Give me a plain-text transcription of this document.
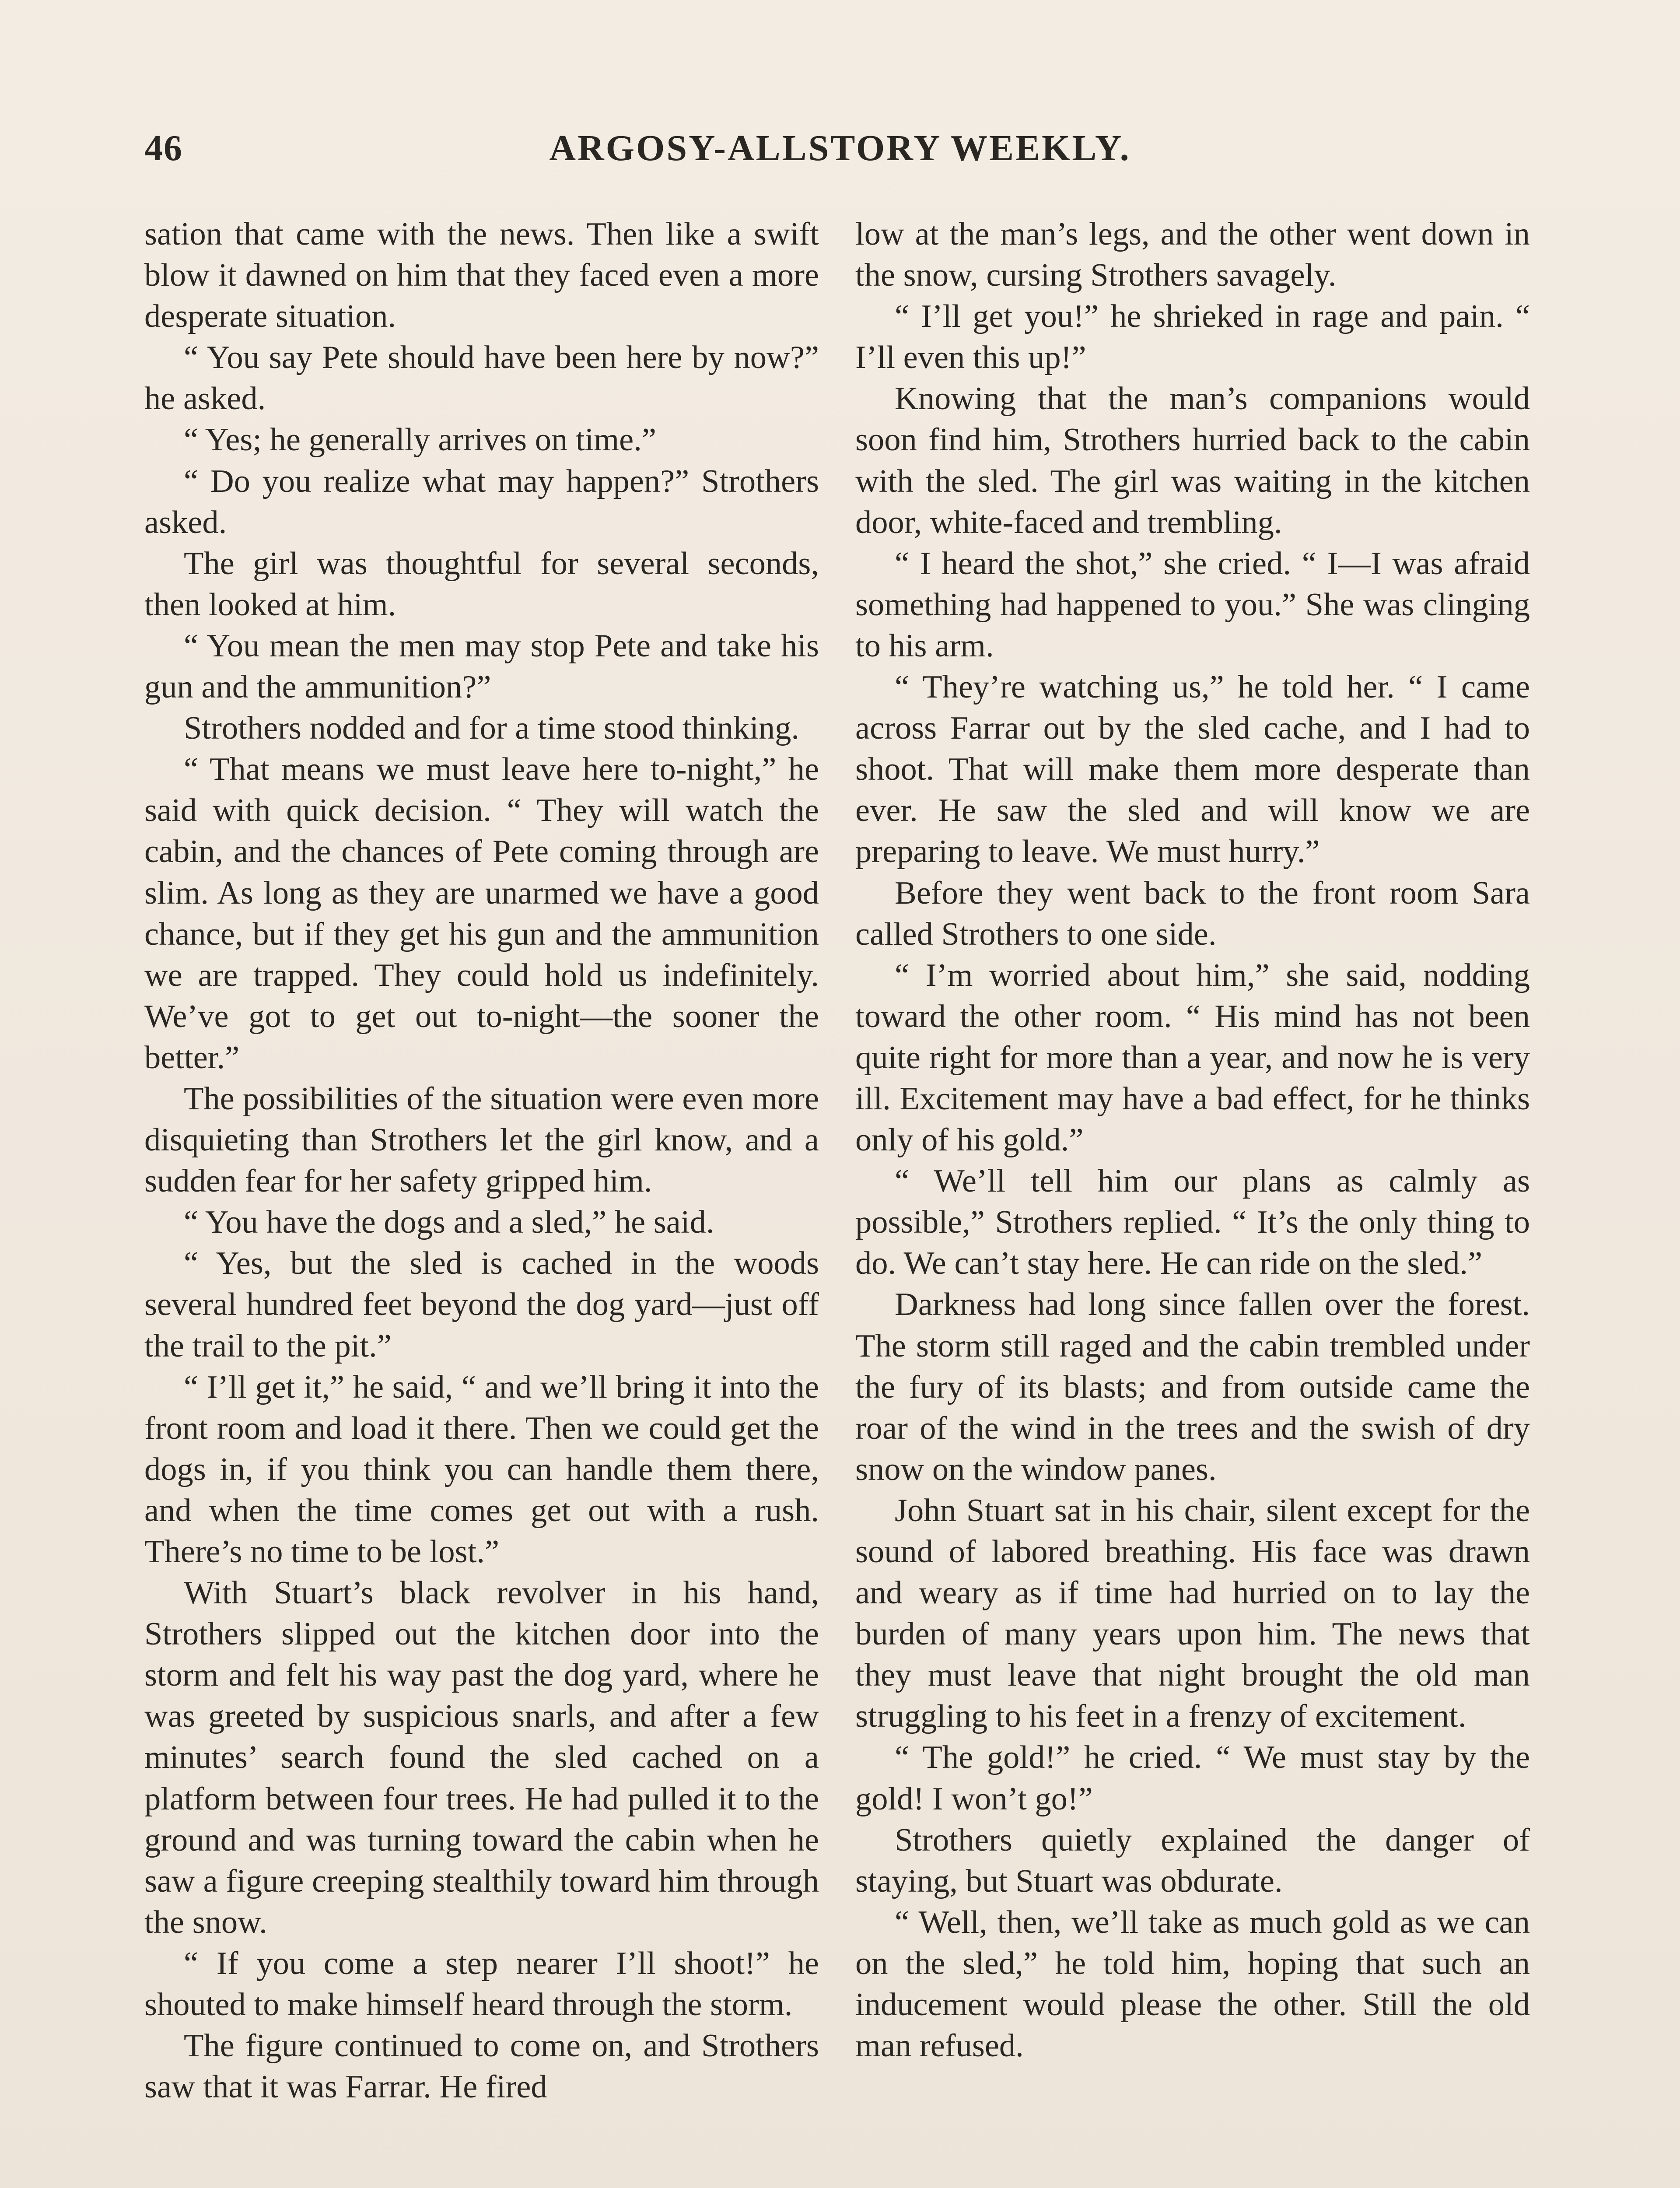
46	ARGOSY-ALLSTORY WEEKLY.

sation that came with the news. Then like a swift blow it dawned on him that they faced even a more desperate situation.

“ You say Pete should have been here by now?” he asked.

“ Yes; he generally arrives on time.”

“ Do you realize what may happen?” Strothers asked.

The girl was thoughtful for several seconds, then looked at him.

“ You mean the men may stop Pete and take his gun and the ammunition?”

Strothers nodded and for a time stood thinking.

“ That means we must leave here to-night,” he said with quick decision. “ They will watch the cabin, and the chances of Pete coming through are slim. As long as they are unarmed we have a good chance, but if they get his gun and the ammunition we are trapped. They could hold us indefinitely. We’ve got to get out to-night—the sooner the better.”

The possibilities of the situation were even more disquieting than Strothers let the girl know, and a sudden fear for her safety gripped him.

“ You have the dogs and a sled,” he said.

“ Yes, but the sled is cached in the woods several hundred feet beyond the dog yard—just off the trail to the pit.”

“ I’ll get it,” he said, “ and we’ll bring it into the front room and load it there. Then we could get the dogs in, if you think you can handle them there, and when the time comes get out with a rush. There’s no time to be lost.”

With Stuart’s black revolver in his hand, Strothers slipped out the kitchen door into the storm and felt his way past the dog yard, where he was greeted by suspicious snarls, and after a few minutes’ search found the sled cached on a platform between four trees. He had pulled it to the ground and was turning toward the cabin when he saw a figure creeping stealthily toward him through the snow.

“ If you come a step nearer I’ll shoot!” he shouted to make himself heard through the storm.

The figure continued to come on, and Strothers saw that it was Farrar. He fired

low at the man’s legs, and the other went down in the snow, cursing Strothers savagely.

“ I’ll get you!” he shrieked in rage and pain. “ I’ll even this up!”

Knowing that the man’s companions would soon find him, Strothers hurried back to the cabin with the sled. The girl was waiting in the kitchen door, white-faced and trembling.

“ I heard the shot,” she cried. “ I—I was afraid something had happened to you.” She was clinging to his arm.

“ They’re watching us,” he told her. “ I came across Farrar out by the sled cache, and I had to shoot. That will make them more desperate than ever. He saw the sled and will know we are preparing to leave. We must hurry.”

Before they went back to the front room Sara called Strothers to one side.

“ I’m worried about him,” she said, nodding toward the other room. “ His mind has not been quite right for more than a year, and now he is very ill. Excitement may have a bad effect, for he thinks only of his gold.”

“ We’ll tell him our plans as calmly as possible,” Strothers replied. “ It’s the only thing to do. We can’t stay here. He can ride on the sled.”

Darkness had long since fallen over the forest. The storm still raged and the cabin trembled under the fury of its blasts; and from outside came the roar of the wind in the trees and the swish of dry snow on the window panes.

John Stuart sat in his chair, silent except for the sound of labored breathing. His face was drawn and weary as if time had hurried on to lay the burden of many years upon him. The news that they must leave that night brought the old man struggling to his feet in a frenzy of excitement.

“ The gold!” he cried. “ We must stay by the gold! I won’t go!”

Strothers quietly explained the danger of staying, but Stuart was obdurate.

“ Well, then, we’ll take as much gold as we can on the sled,” he told him, hoping that such an inducement would please the other. Still the old man refused.
